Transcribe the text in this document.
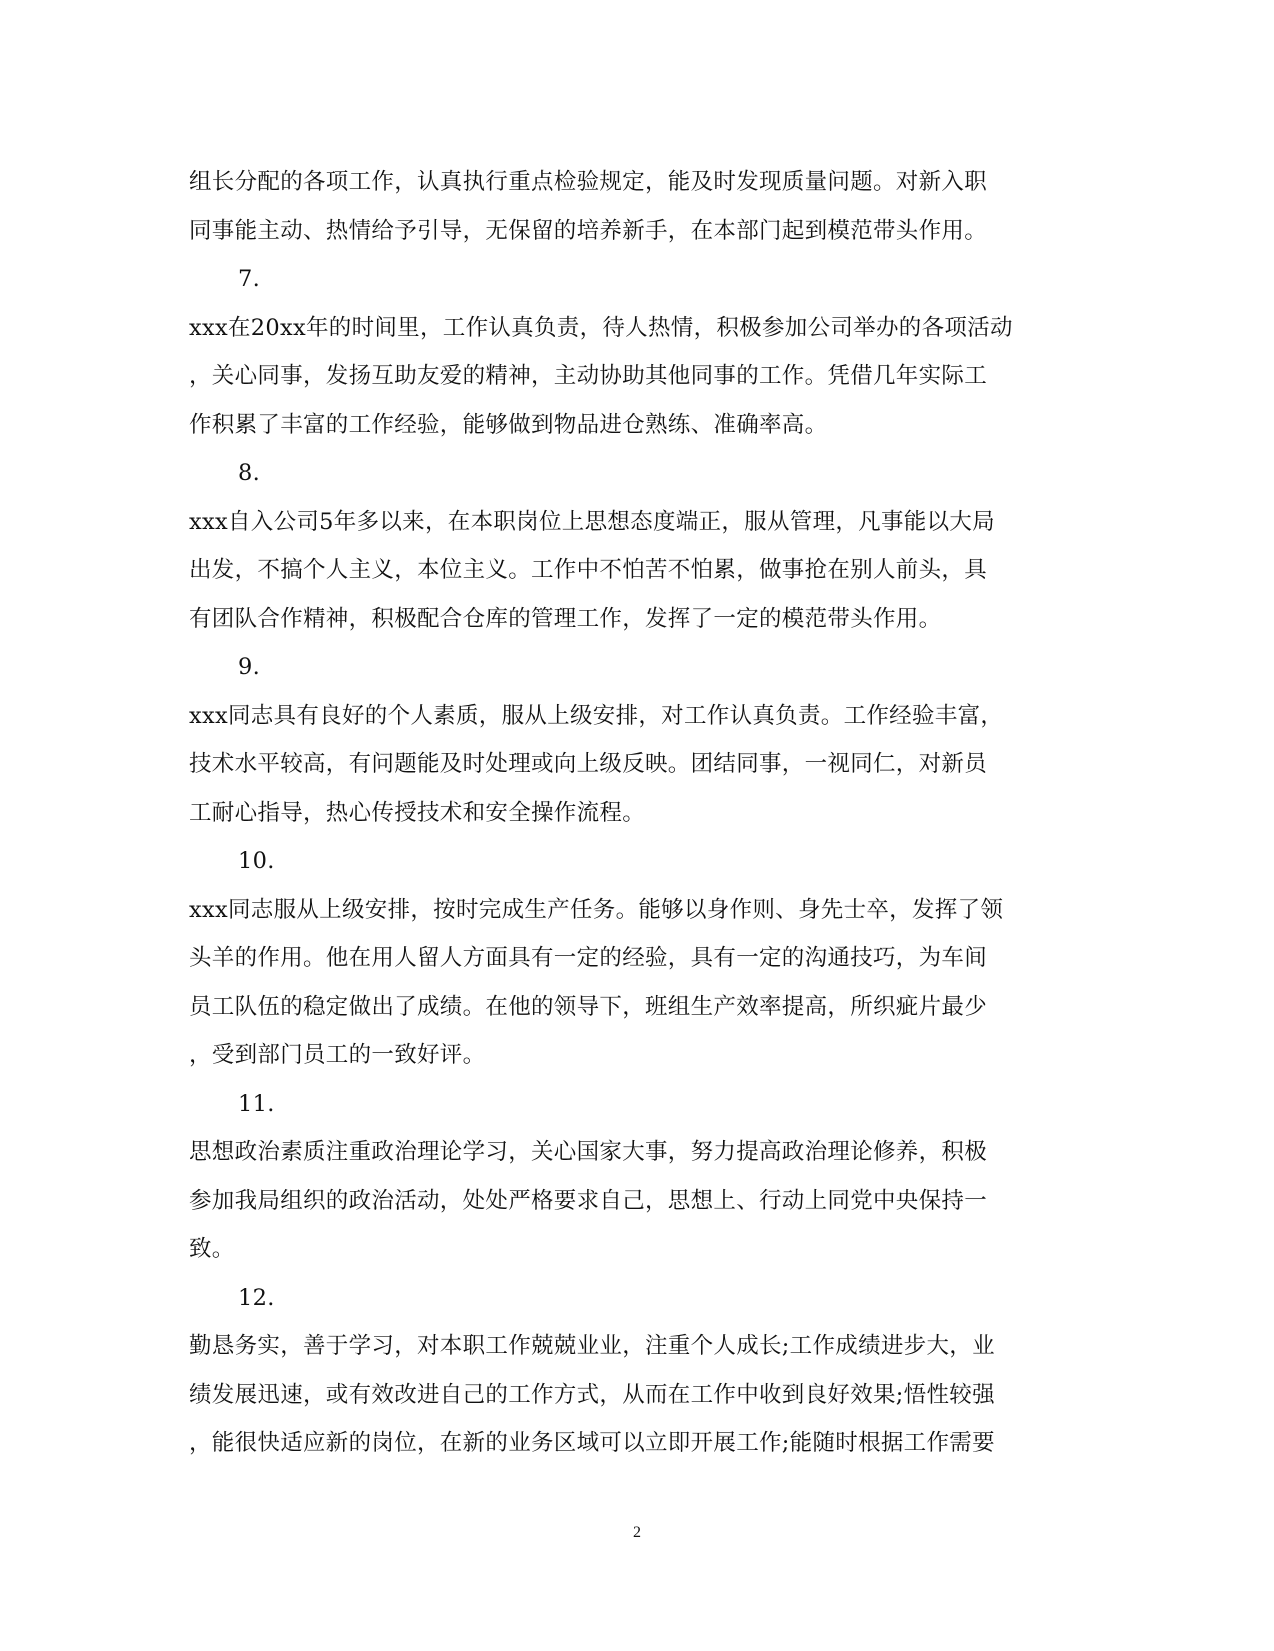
组长分配的各项工作，认真执行重点检验规定，能及时发现质量问题。对新入职
同事能主动、热情给予引导，无保留的培养新手，在本部门起到模范带头作用。
7.
xxx在20xx年的时间里，工作认真负责，待人热情，积极参加公司举办的各项活动
，关心同事，发扬互助友爱的精神，主动协助其他同事的工作。凭借几年实际工
作积累了丰富的工作经验，能够做到物品进仓熟练、准确率高。
8.
xxx自入公司5年多以来，在本职岗位上思想态度端正，服从管理，凡事能以大局
出发，不搞个人主义，本位主义。工作中不怕苦不怕累，做事抢在别人前头，具
有团队合作精神，积极配合仓库的管理工作，发挥了一定的模范带头作用。
9.
xxx同志具有良好的个人素质，服从上级安排，对工作认真负责。工作经验丰富，
技术水平较高，有问题能及时处理或向上级反映。团结同事，一视同仁，对新员
工耐心指导，热心传授技术和安全操作流程。
10.
xxx同志服从上级安排，按时完成生产任务。能够以身作则、身先士卒，发挥了领
头羊的作用。他在用人留人方面具有一定的经验，具有一定的沟通技巧，为车间
员工队伍的稳定做出了成绩。在他的领导下，班组生产效率提高，所织疵片最少
，受到部门员工的一致好评。
11.
思想政治素质注重政治理论学习，关心国家大事，努力提高政治理论修养，积极
参加我局组织的政治活动，处处严格要求自己，思想上、行动上同党中央保持一
致。
12.
勤恳务实，善于学习，对本职工作兢兢业业，注重个人成长;工作成绩进步大，业
绩发展迅速，或有效改进自己的工作方式，从而在工作中收到良好效果;悟性较强
，能很快适应新的岗位，在新的业务区域可以立即开展工作;能随时根据工作需要
2
